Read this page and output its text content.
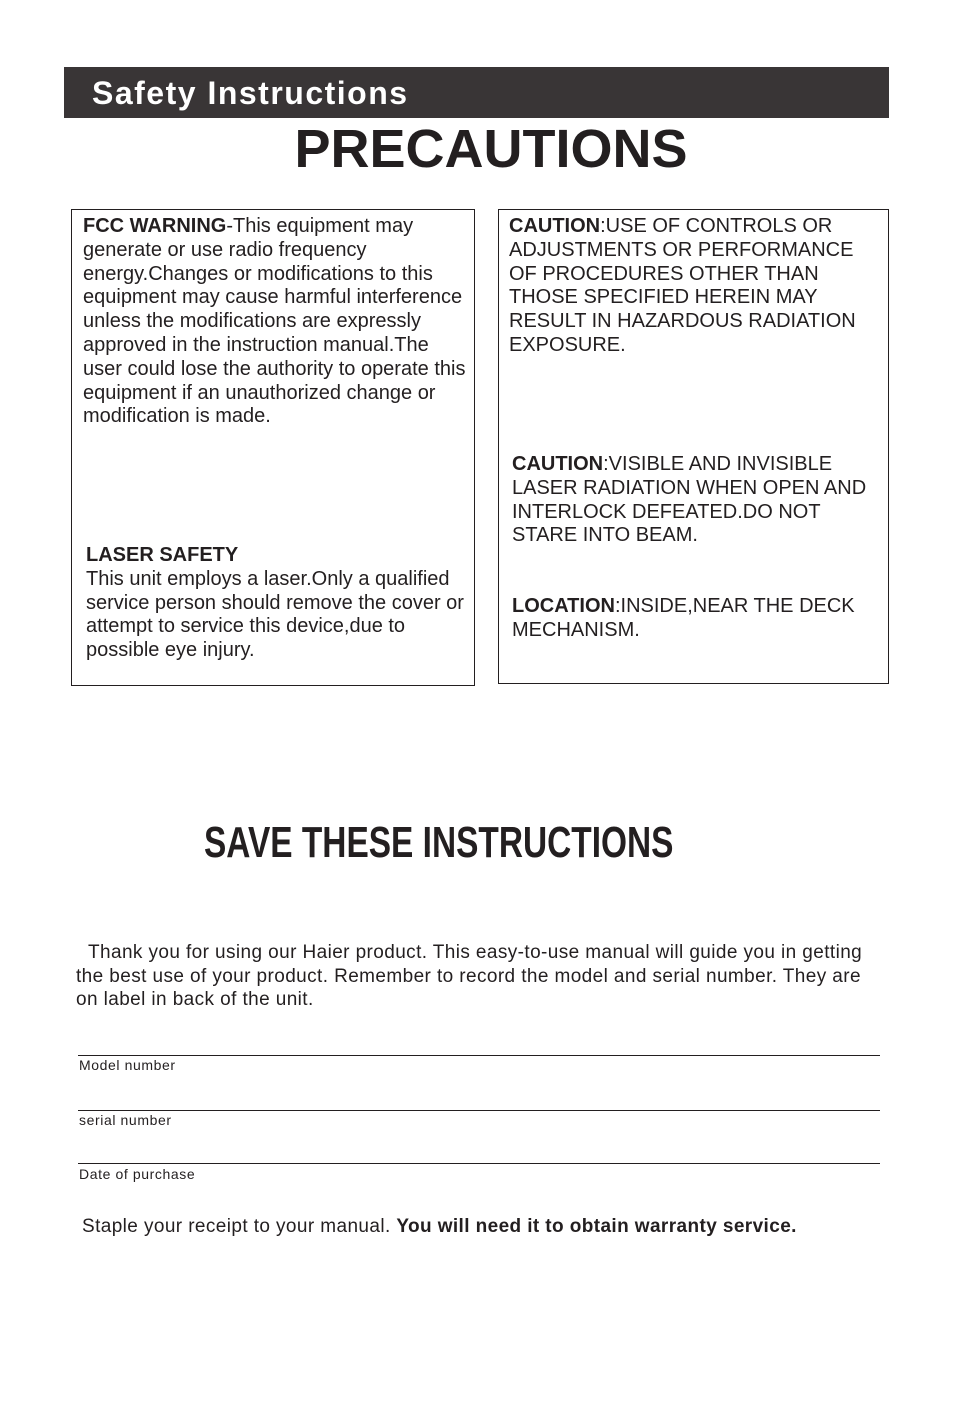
Safety Instructions
PRECAUTIONS

FCC WARNING-This equipment may generate or use radio frequency energy.Changes or modifications to this equipment may cause harmful interference unless the modifications are expressly approved in the instruction manual.The user could lose the authority to operate this equipment if an unauthorized change or modification is made.

LASER SAFETY
This unit employs a laser.Only a qualified service person should remove the cover or attempt to service this device,due to possible eye injury.

CAUTION:USE OF CONTROLS OR ADJUSTMENTS OR PERFORMANCE OF PROCEDURES OTHER THAN THOSE SPECIFIED HEREIN MAY RESULT IN HAZARDOUS RADIATION EXPOSURE.

CAUTION:VISIBLE AND INVISIBLE LASER RADIATION WHEN OPEN AND INTERLOCK DEFEATED.DO NOT STARE INTO BEAM.

LOCATION:INSIDE,NEAR THE DECK MECHANISM.

SAVE THESE INSTRUCTIONS

Thank you for using our Haier product. This easy-to-use manual will guide you in getting the best use of your product. Remember to record the model and serial number. They are on label in back of the unit.

Model number
serial number
Date of purchase
Staple your receipt to your manual. You will need it to obtain warranty service.
